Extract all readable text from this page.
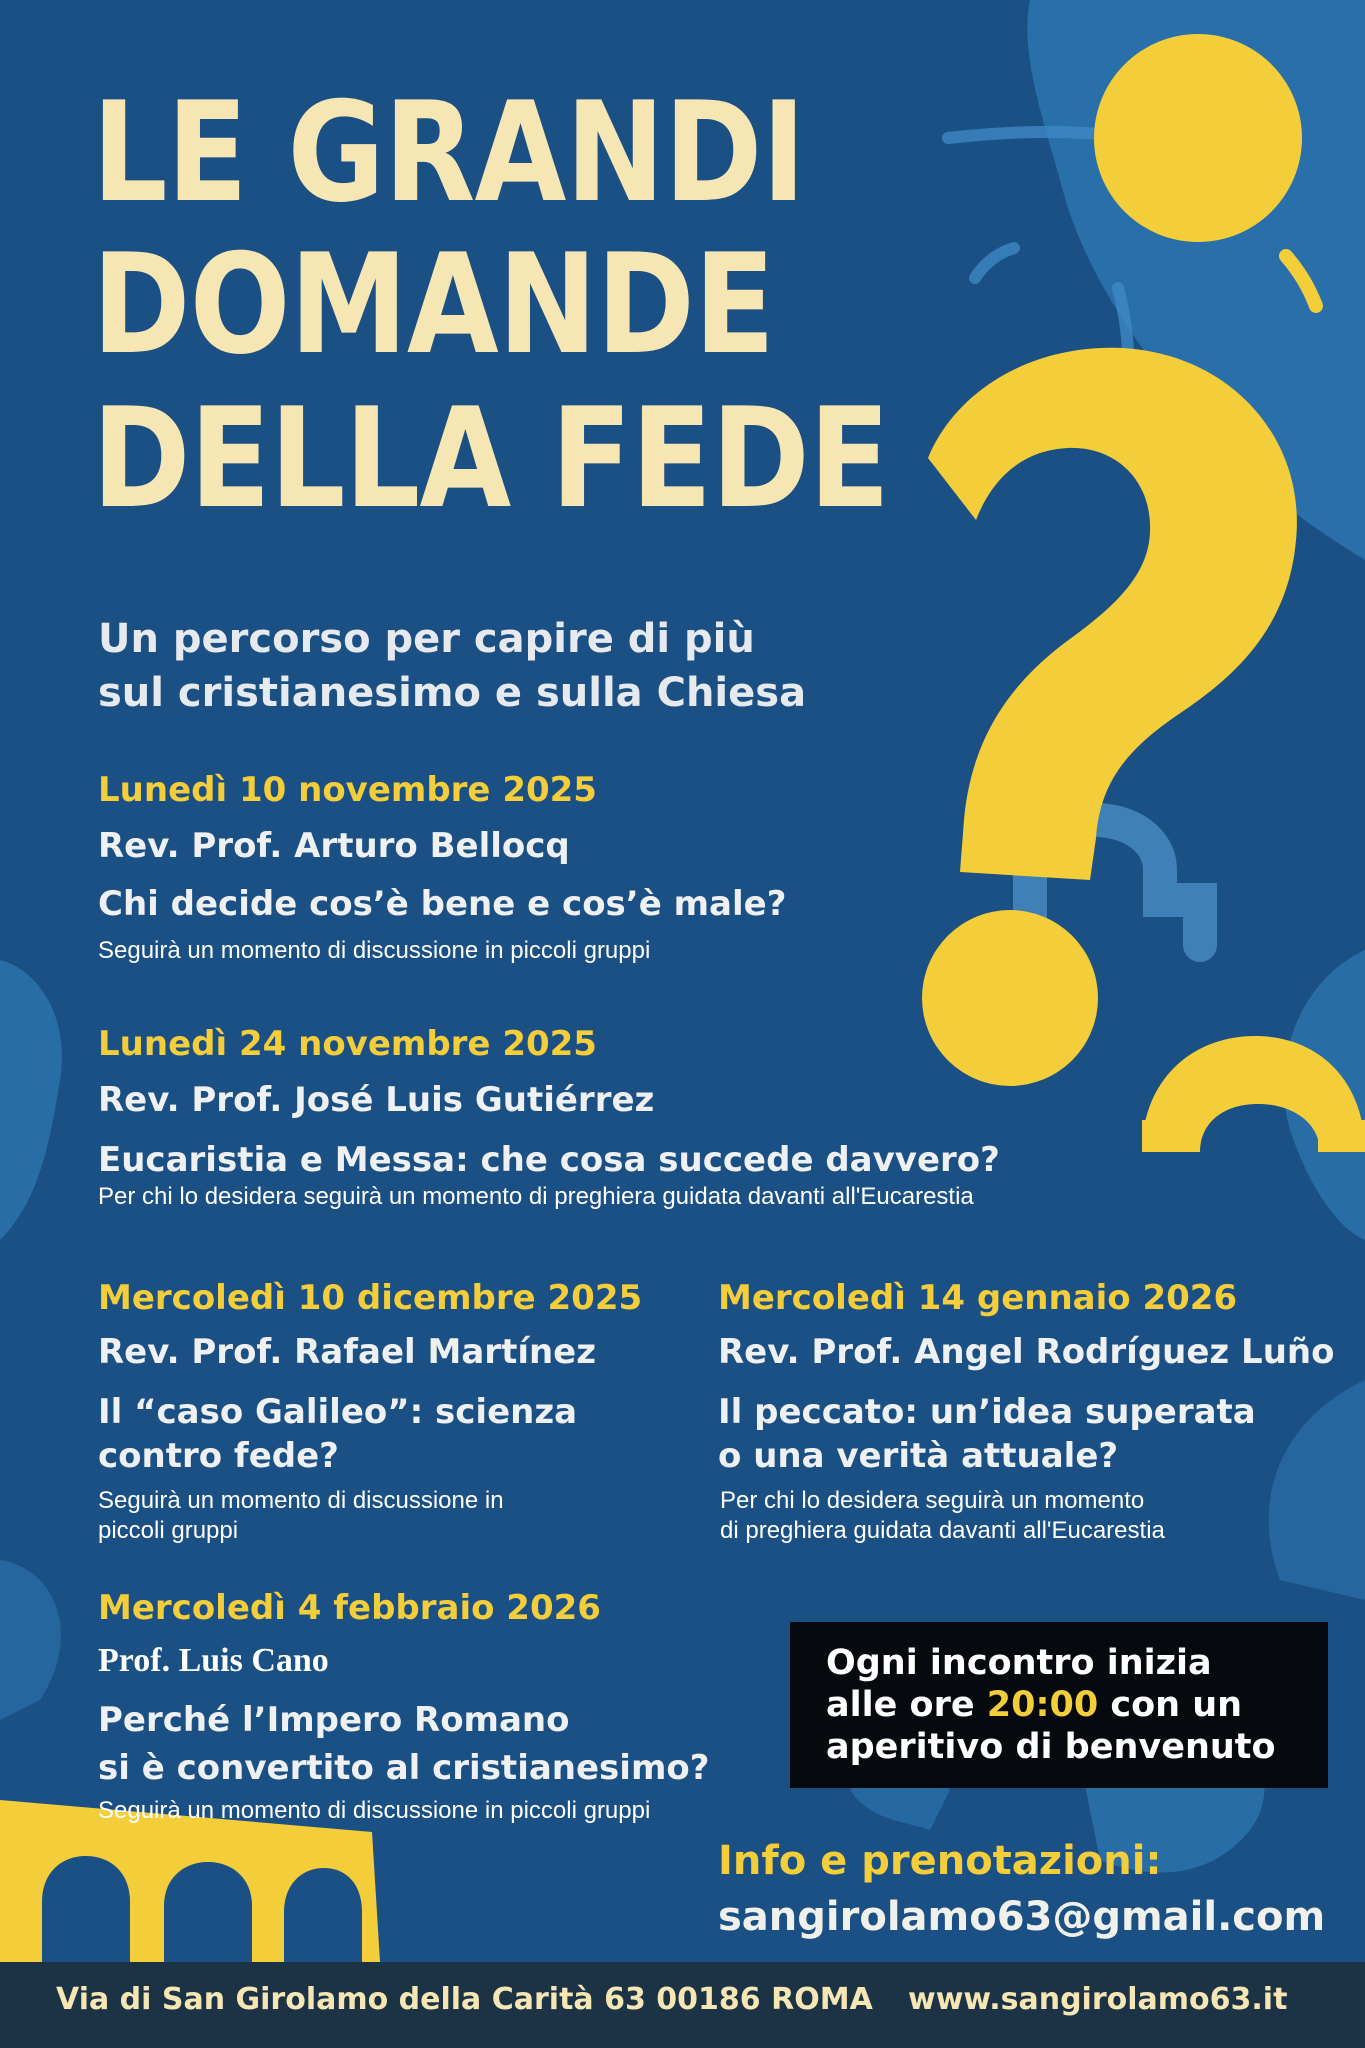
LE GRANDI
DOMANDE
DELLA FEDE
Un percorso per capire di più
sul cristianesimo e sulla Chiesa
Lunedì 10 novembre 2025
Rev. Prof. Arturo Bellocq
Chi decide cos’è bene e cos’è male?
Seguirà un momento di discussione in piccoli gruppi
Lunedì 24 novembre 2025
Rev. Prof. José Luis Gutiérrez
Eucaristia e Messa: che cosa succede davvero?
Per chi lo desidera seguirà un momento di preghiera guidata davanti all'Eucarestia
Mercoledì 10 dicembre 2025
Rev. Prof. Rafael Martínez
Il “caso Galileo”: scienza
contro fede?
Seguirà un momento di discussione in
piccoli gruppi
Mercoledì 14 gennaio 2026
Rev. Prof. Angel Rodríguez Luño
Il peccato: un’idea superata
o una verità attuale?
Per chi lo desidera seguirà un momento
di preghiera guidata davanti all'Eucarestia
Mercoledì 4 febbraio 2026
Prof. Luis Cano
Perché l’Impero Romano
si è convertito al cristianesimo?
Seguirà un momento di discussione in piccoli gruppi
Ogni incontro inizia
alle ore 20:00 con un
aperitivo di benvenuto
Info e prenotazioni:
sangirolamo63@gmail.com
Via di San Girolamo della Carità 63 00186 ROMA www.sangirolamo63.it
